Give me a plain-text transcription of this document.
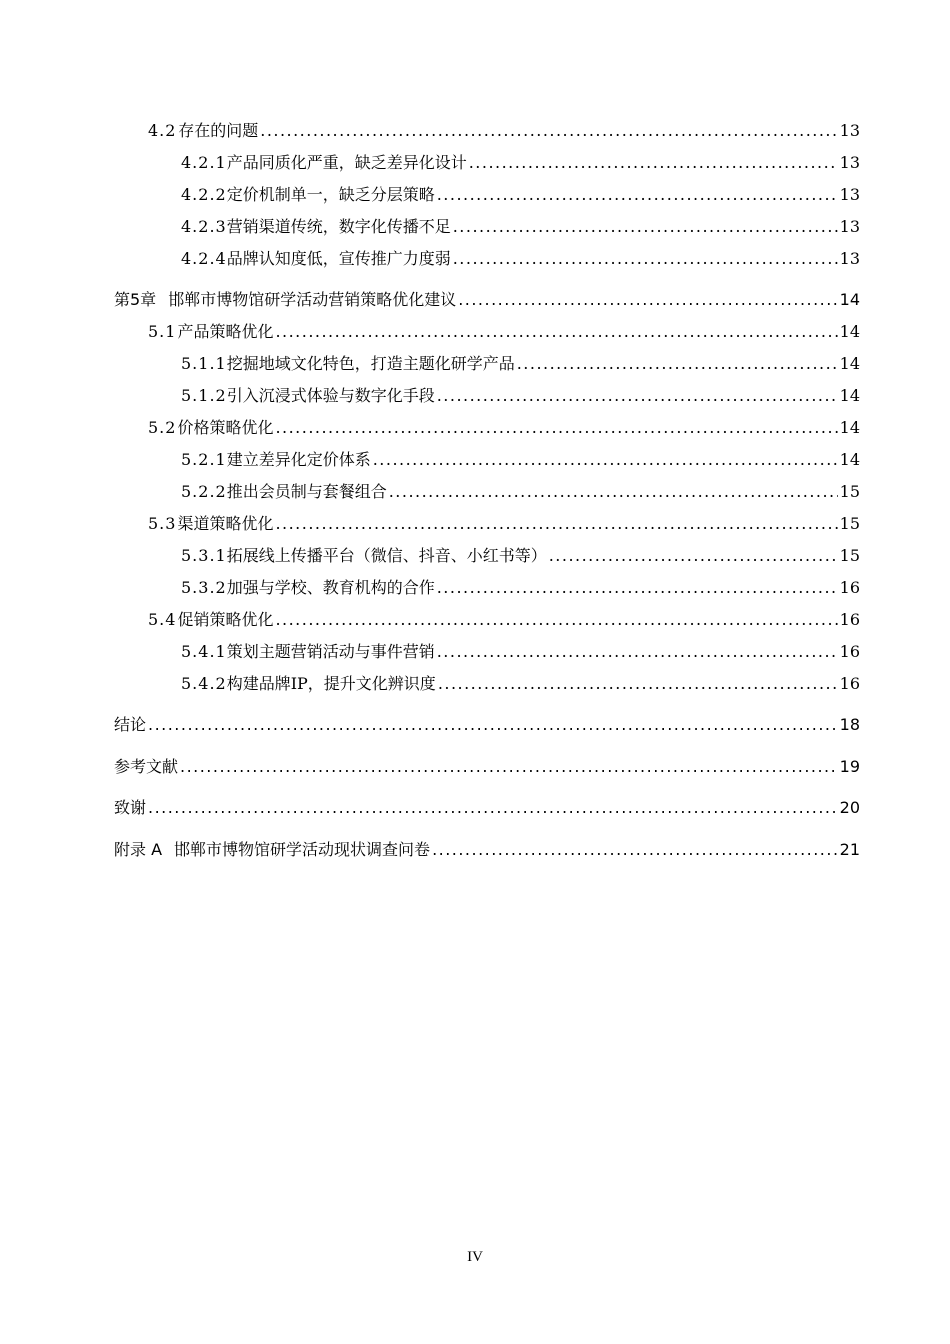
4.2 存在的问题 . . .	13
4.2.1 产品同质化严重，缺乏差异化设计 . . .	13
4.2.2 定价机制单一，缺乏分层策略 . . .	13
4.2.3 营销渠道传统，数字化传播不足 . . .	13
4.2.4 品牌认知度低，宣传推广力度弱 . . .	13
第5章 邯郸市博物馆研学活动营销策略优化建议 . . .	14
5.1 产品策略优化 . . .	14
5.1.1 挖掘地域文化特色，打造主题化研学产品 . . .	14
5.1.2 引入沉浸式体验与数字化手段 . . .	14
5.2 价格策略优化 . . .	14
5.2.1 建立差异化定价体系 . . .	14
5.2.2 推出会员制与套餐组合 . . .	15
5.3 渠道策略优化 . . .	15
5.3.1 拓展线上传播平台（微信、抖音、小红书等） . . .	15
5.3.2 加强与学校、教育机构的合作 . . .	16
5.4 促销策略优化 . . .	16
5.4.1 策划主题营销活动与事件营销 . . .	16
5.4.2 构建品牌IP，提升文化辨识度 . . .	16
结论 . . .	18
参考文献 . . .	19
致谢 . . .	20
附录 A 邯郸市博物馆研学活动现状调查问卷 . . .	21
IV
